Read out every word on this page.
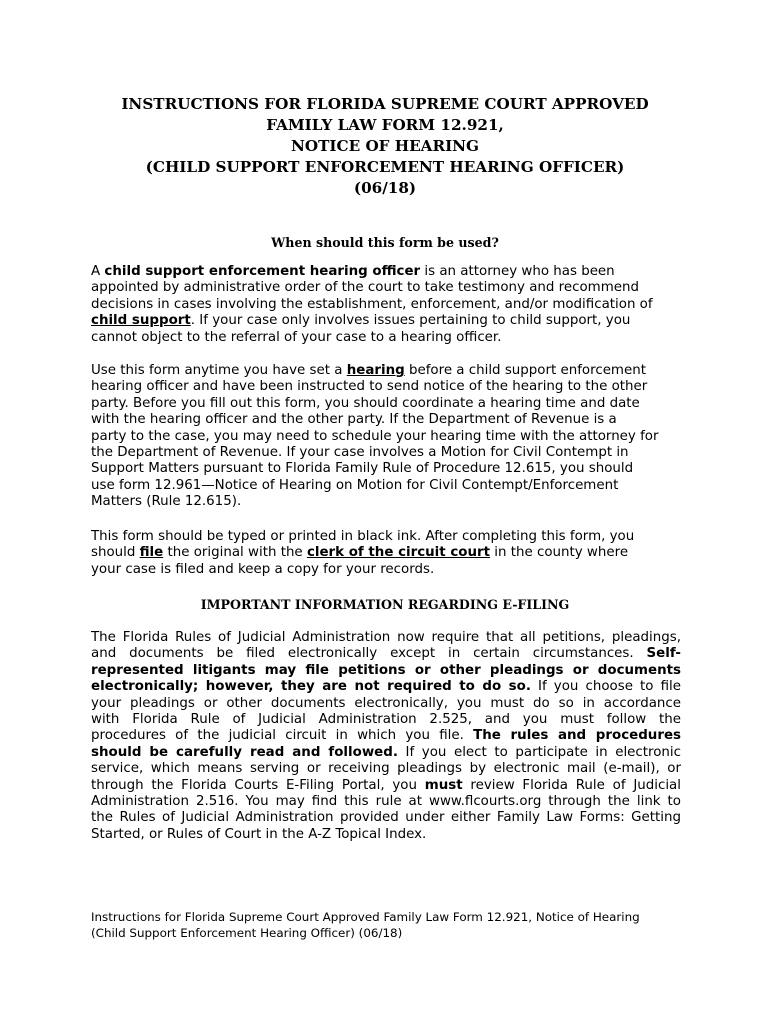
INSTRUCTIONS FOR FLORIDA SUPREME COURT APPROVED
FAMILY LAW FORM 12.921,
NOTICE OF HEARING
(CHILD SUPPORT ENFORCEMENT HEARING OFFICER)
(06/18)
When should this form be used?

A child support enforcement hearing officer is an attorney who has been
appointed by administrative order of the court to take testimony and recommend
decisions in cases involving the establishment, enforcement, and/or modification of
child support. If your case only involves issues pertaining to child support, you
cannot object to the referral of your case to a hearing officer.

Use this form anytime you have set a hearing before a child support enforcement
hearing officer and have been instructed to send notice of the hearing to the other
party. Before you fill out this form, you should coordinate a hearing time and date
with the hearing officer and the other party. If the Department of Revenue is a
party to the case, you may need to schedule your hearing time with the attorney for
the Department of Revenue. If your case involves a Motion for Civil Contempt in
Support Matters pursuant to Florida Family Rule of Procedure 12.615, you should
use form 12.961—Notice of Hearing on Motion for Civil Contempt/Enforcement
Matters (Rule 12.615).

This form should be typed or printed in black ink. After completing this form, you
should file the original with the clerk of the circuit court in the county where
your case is filed and keep a copy for your records.

IMPORTANT INFORMATION REGARDING E-FILING

The Florida Rules of Judicial Administration now require that all petitions, pleadings,
and documents be filed electronically except in certain circumstances. Self-
represented litigants may file petitions or other pleadings or documents
electronically; however, they are not required to do so. If you choose to file
your pleadings or other documents electronically, you must do so in accordance
with Florida Rule of Judicial Administration 2.525, and you must follow the
procedures of the judicial circuit in which you file. The rules and procedures
should be carefully read and followed. If you elect to participate in electronic
service, which means serving or receiving pleadings by electronic mail (e-mail), or
through the Florida Courts E-Filing Portal, you must review Florida Rule of Judicial
Administration 2.516. You may find this rule at www.flcourts.org through the link to
the Rules of Judicial Administration provided under either Family Law Forms: Getting
Started, or Rules of Court in the A-Z Topical Index.

Instructions for Florida Supreme Court Approved Family Law Form 12.921, Notice of Hearing
(Child Support Enforcement Hearing Officer) (06/18)
